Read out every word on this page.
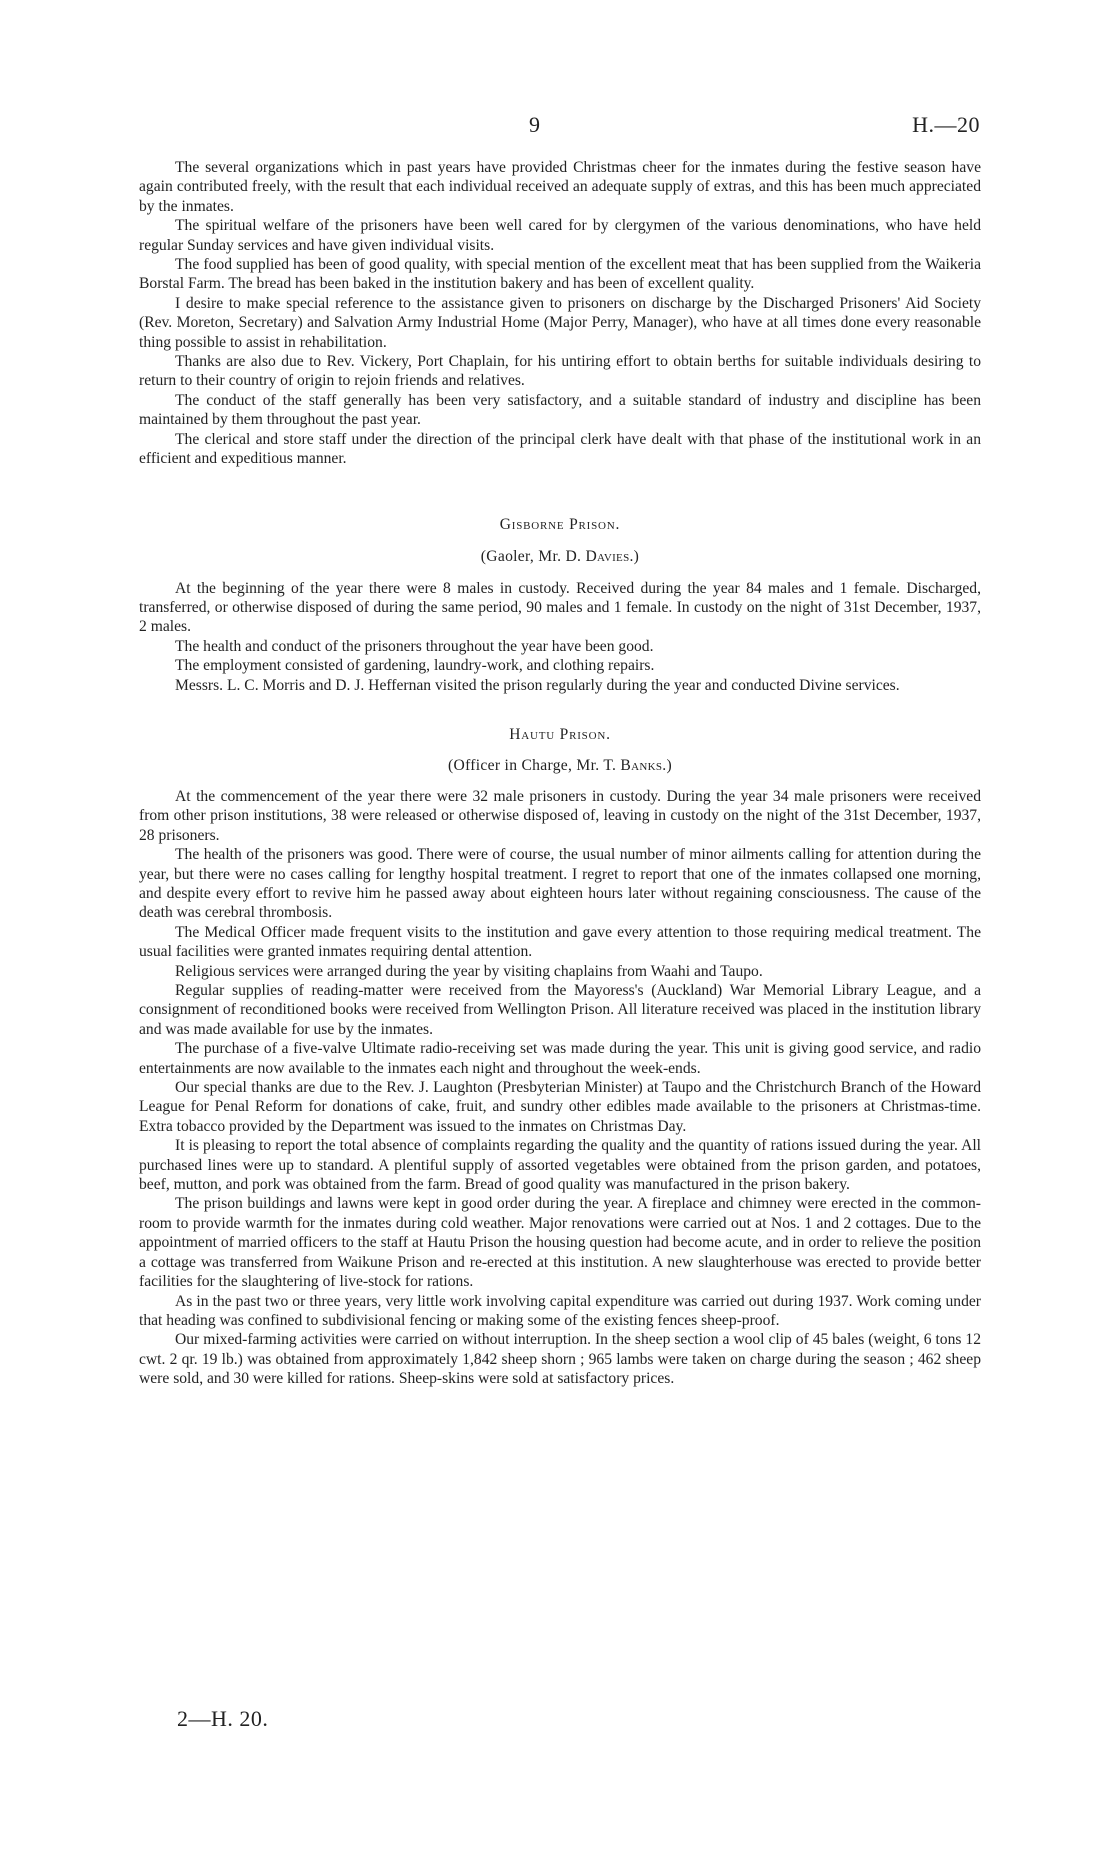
9	H.—20

The several organizations which in past years have provided Christmas cheer for the inmates during the festive season have again contributed freely, with the result that each individual received an adequate supply of extras, and this has been much appreciated by the inmates.

The spiritual welfare of the prisoners have been well cared for by clergymen of the various denominations, who have held regular Sunday services and have given individual visits.

The food supplied has been of good quality, with special mention of the excellent meat that has been supplied from the Waikeria Borstal Farm. The bread has been baked in the institution bakery and has been of excellent quality.

I desire to make special reference to the assistance given to prisoners on discharge by the Discharged Prisoners' Aid Society (Rev. Moreton, Secretary) and Salvation Army Industrial Home (Major Perry, Manager), who have at all times done every reasonable thing possible to assist in rehabilitation.

Thanks are also due to Rev. Vickery, Port Chaplain, for his untiring effort to obtain berths for suitable individuals desiring to return to their country of origin to rejoin friends and relatives.

The conduct of the staff generally has been very satisfactory, and a suitable standard of industry and discipline has been maintained by them throughout the past year.

The clerical and store staff under the direction of the principal clerk have dealt with that phase of the institutional work in an efficient and expeditious manner.

Gisborne Prison.
(Gaoler, Mr. D. Davies.)

At the beginning of the year there were 8 males in custody. Received during the year 84 males and 1 female. Discharged, transferred, or otherwise disposed of during the same period, 90 males and 1 female. In custody on the night of 31st December, 1937, 2 males.

The health and conduct of the prisoners throughout the year have been good.

The employment consisted of gardening, laundry-work, and clothing repairs.

Messrs. L. C. Morris and D. J. Heffernan visited the prison regularly during the year and conducted Divine services.

Hautu Prison.
(Officer in Charge, Mr. T. Banks.)

At the commencement of the year there were 32 male prisoners in custody. During the year 34 male prisoners were received from other prison institutions, 38 were released or otherwise disposed of, leaving in custody on the night of the 31st December, 1937, 28 prisoners.

The health of the prisoners was good. There were of course, the usual number of minor ailments calling for attention during the year, but there were no cases calling for lengthy hospital treatment. I regret to report that one of the inmates collapsed one morning, and despite every effort to revive him he passed away about eighteen hours later without regaining consciousness. The cause of the death was cerebral thrombosis.

The Medical Officer made frequent visits to the institution and gave every attention to those requiring medical treatment. The usual facilities were granted inmates requiring dental attention.

Religious services were arranged during the year by visiting chaplains from Waahi and Taupo.

Regular supplies of reading-matter were received from the Mayoress's (Auckland) War Memorial Library League, and a consignment of reconditioned books were received from Wellington Prison. All literature received was placed in the institution library and was made available for use by the inmates.

The purchase of a five-valve Ultimate radio-receiving set was made during the year. This unit is giving good service, and radio entertainments are now available to the inmates each night and throughout the week-ends.

Our special thanks are due to the Rev. J. Laughton (Presbyterian Minister) at Taupo and the Christchurch Branch of the Howard League for Penal Reform for donations of cake, fruit, and sundry other edibles made available to the prisoners at Christmas-time. Extra tobacco provided by the Department was issued to the inmates on Christmas Day.

It is pleasing to report the total absence of complaints regarding the quality and the quantity of rations issued during the year. All purchased lines were up to standard. A plentiful supply of assorted vegetables were obtained from the prison garden, and potatoes, beef, mutton, and pork was obtained from the farm. Bread of good quality was manufactured in the prison bakery.

The prison buildings and lawns were kept in good order during the year. A fireplace and chimney were erected in the common-room to provide warmth for the inmates during cold weather. Major renovations were carried out at Nos. 1 and 2 cottages. Due to the appointment of married officers to the staff at Hautu Prison the housing question had become acute, and in order to relieve the position a cottage was transferred from Waikune Prison and re-erected at this institution. A new slaughterhouse was erected to provide better facilities for the slaughtering of live-stock for rations.

As in the past two or three years, very little work involving capital expenditure was carried out during 1937. Work coming under that heading was confined to subdivisional fencing or making some of the existing fences sheep-proof.

Our mixed-farming activities were carried on without interruption. In the sheep section a wool clip of 45 bales (weight, 6 tons 12 cwt. 2 qr. 19 lb.) was obtained from approximately 1,842 sheep shorn ; 965 lambs were taken on charge during the season ; 462 sheep were sold, and 30 were killed for rations. Sheep-skins were sold at satisfactory prices.

2—H. 20.
